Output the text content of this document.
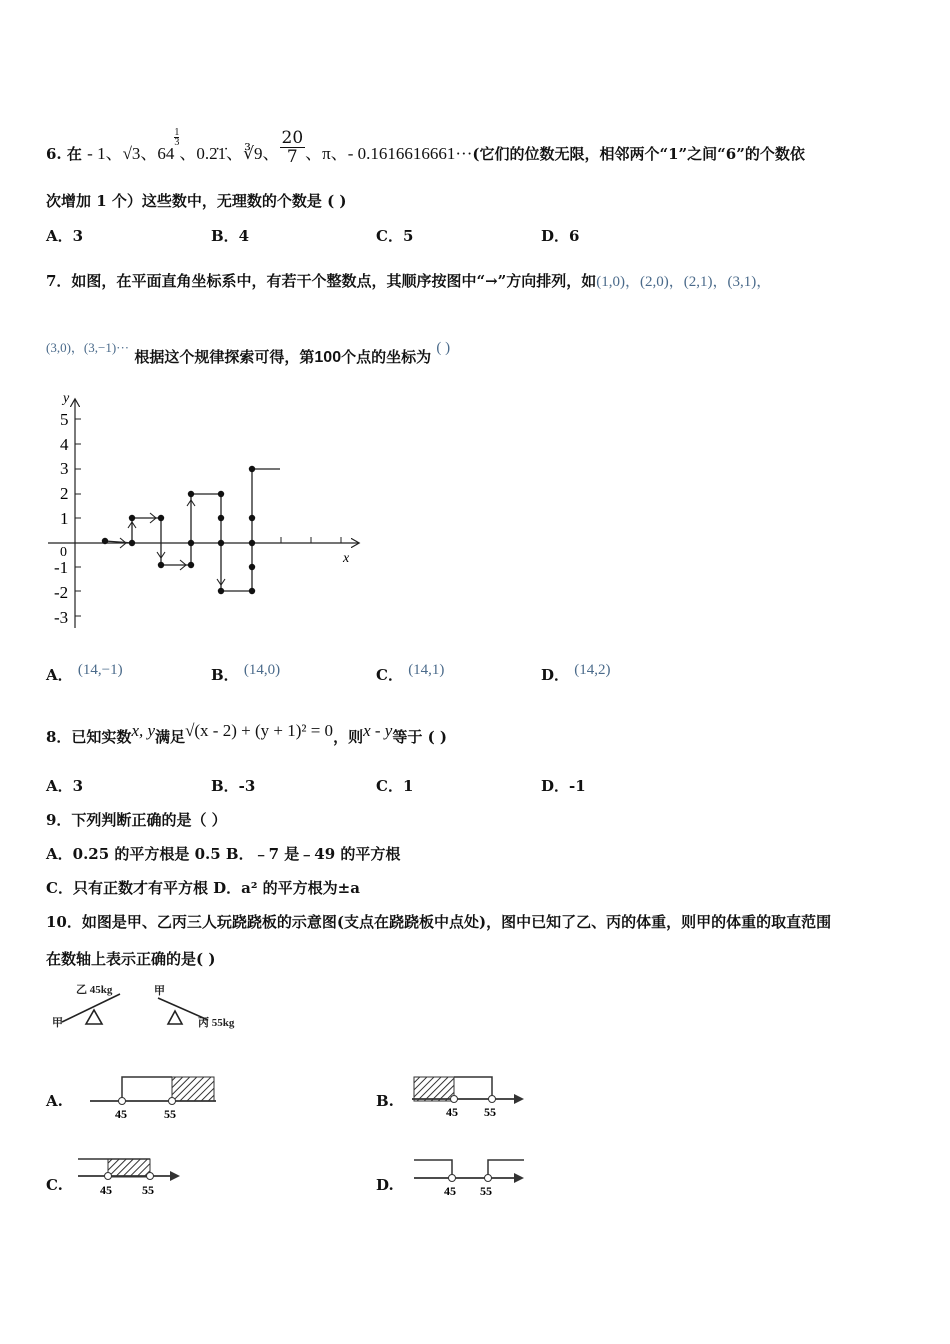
6. 在 - 1、√3、64
$^{\frac{1}{3}}$
、0.2̇1̇、∛9、 $\frac{20}{7}$ 、π、- 0.1616616661···(它们的位数无限，相邻两个“1”之间“6”的个数依
次增加 1 个）这些数中，无理数的个数是 ( )
A．3	B．4	C．5	D．6
7．如图，在平面直角坐标系中，有若干个整数点，其顺序按图中“→”方向排列，如(1,0)，(2,0)，(2,1)，(3,1)，
(3,0)，(3,−1)··· 根据这个规律探索可得，第100个点的坐标为 ( )
y
x
0
5
4
3
2
1
-1
-2
-3
A． (14,−1)	B． (14,0)	C． (14,1)	D． (14,2)
8．已知实数x, y满足√(x - 2) + (y + 1)² = 0，则x - y等于 ( )
A．3	B．-3	C．1	D．-1
9．下列判断正确的是（ ）
A．0.25 的平方根是 0.5 B．﹣7 是﹣49 的平方根
C．只有正数才有平方根 D．a² 的平方根为±a
10．如图是甲、乙丙三人玩跷跷板的示意图(支点在跷跷板中点处)，图中已知了乙、丙的体重，则甲的体重的取直范围
在数轴上表示正确的是( )
乙 45kg
甲
甲
丙 55kg
A.
45	55
B.
45 55
C.	45	55	D.	45 55
